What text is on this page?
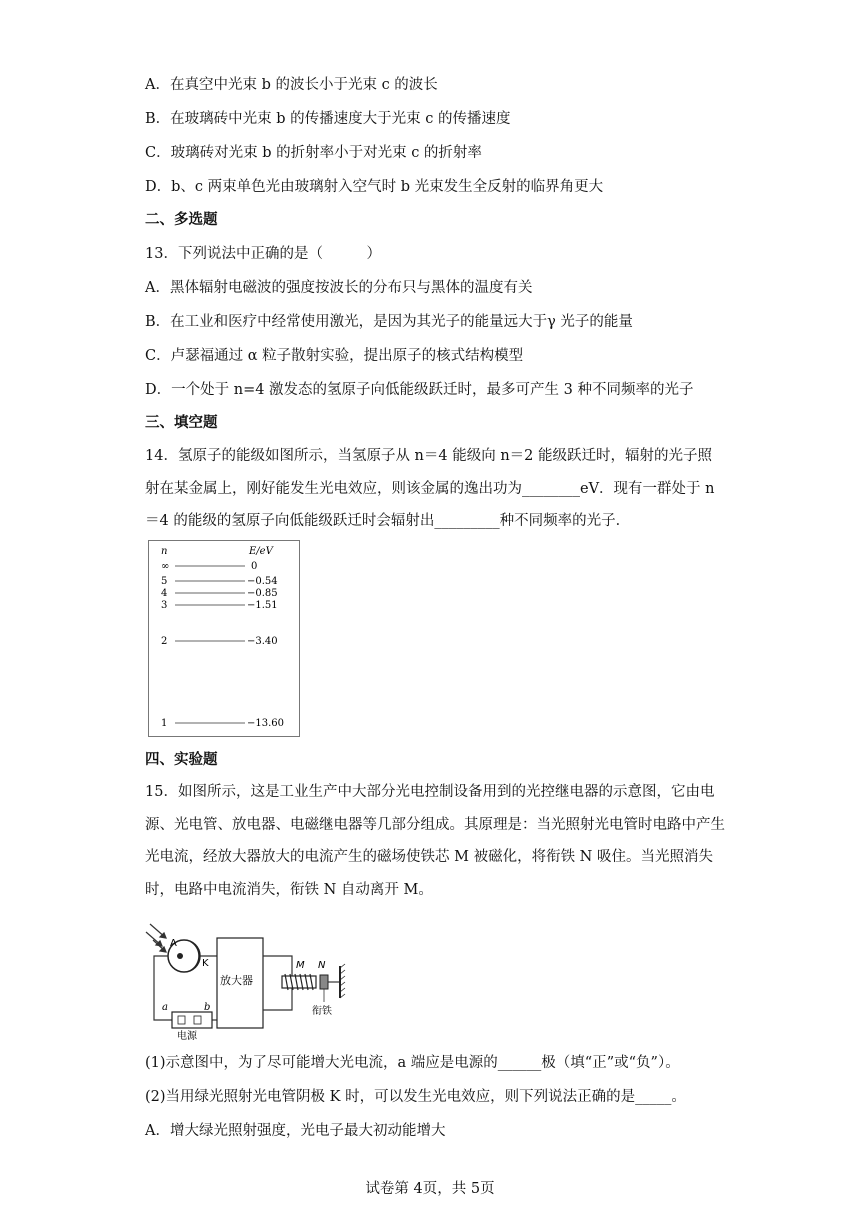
A．在真空中光束 b 的波长小于光束 c 的波长
B．在玻璃砖中光束 b 的传播速度大于光束 c 的传播速度
C．玻璃砖对光束 b 的折射率小于对光束 c 的折射率
D．b、c 两束单色光由玻璃射入空气时 b 光束发生全反射的临界角更大
二、多选题
13．下列说法中正确的是（　　　）
A．黑体辐射电磁波的强度按波长的分布只与黑体的温度有关
B．在工业和医疗中经常使用激光，是因为其光子的能量远大于γ 光子的能量
C．卢瑟福通过 α 粒子散射实验，提出原子的核式结构模型
D．一个处于 n=4 激发态的氢原子向低能级跃迁时，最多可产生 3 种不同频率的光子
三、填空题
14．氢原子的能级如图所示，当氢原子从 n＝4 能级向 n＝2 能级跃迁时，辐射的光子照射在某金属上，刚好能发生光电效应，则该金属的逸出功为________eV．现有一群处于 n＝4 的能级的氢原子向低能级跃迁时会辐射出_________种不同频率的光子．
n	E/eV
∞	0
5	−0.54
4	−0.85
3	−1.51
2	−3.40
1	−13.60
四、实验题
15．如图所示，这是工业生产中大部分光电控制设备用到的光控继电器的示意图，它由电源、光电管、放电器、电磁继电器等几部分组成。其原理是：当光照射光电管时电路中产生光电流，经放大器放大的电流产生的磁场使铁芯 M 被磁化，将衔铁 N 吸住。当光照消失时，电路中电流消失，衔铁 N 自动离开 M。
A
K
a	b
电源
放大器
M N
衔铁
(1)示意图中，为了尽可能增大光电流，a 端应是电源的______极（填“正”或“负”）。
(2)当用绿光照射光电管阴极 K 时，可以发生光电效应，则下列说法正确的是_____。
A．增大绿光照射强度，光电子最大初动能增大
试卷第 4页，共 5页
